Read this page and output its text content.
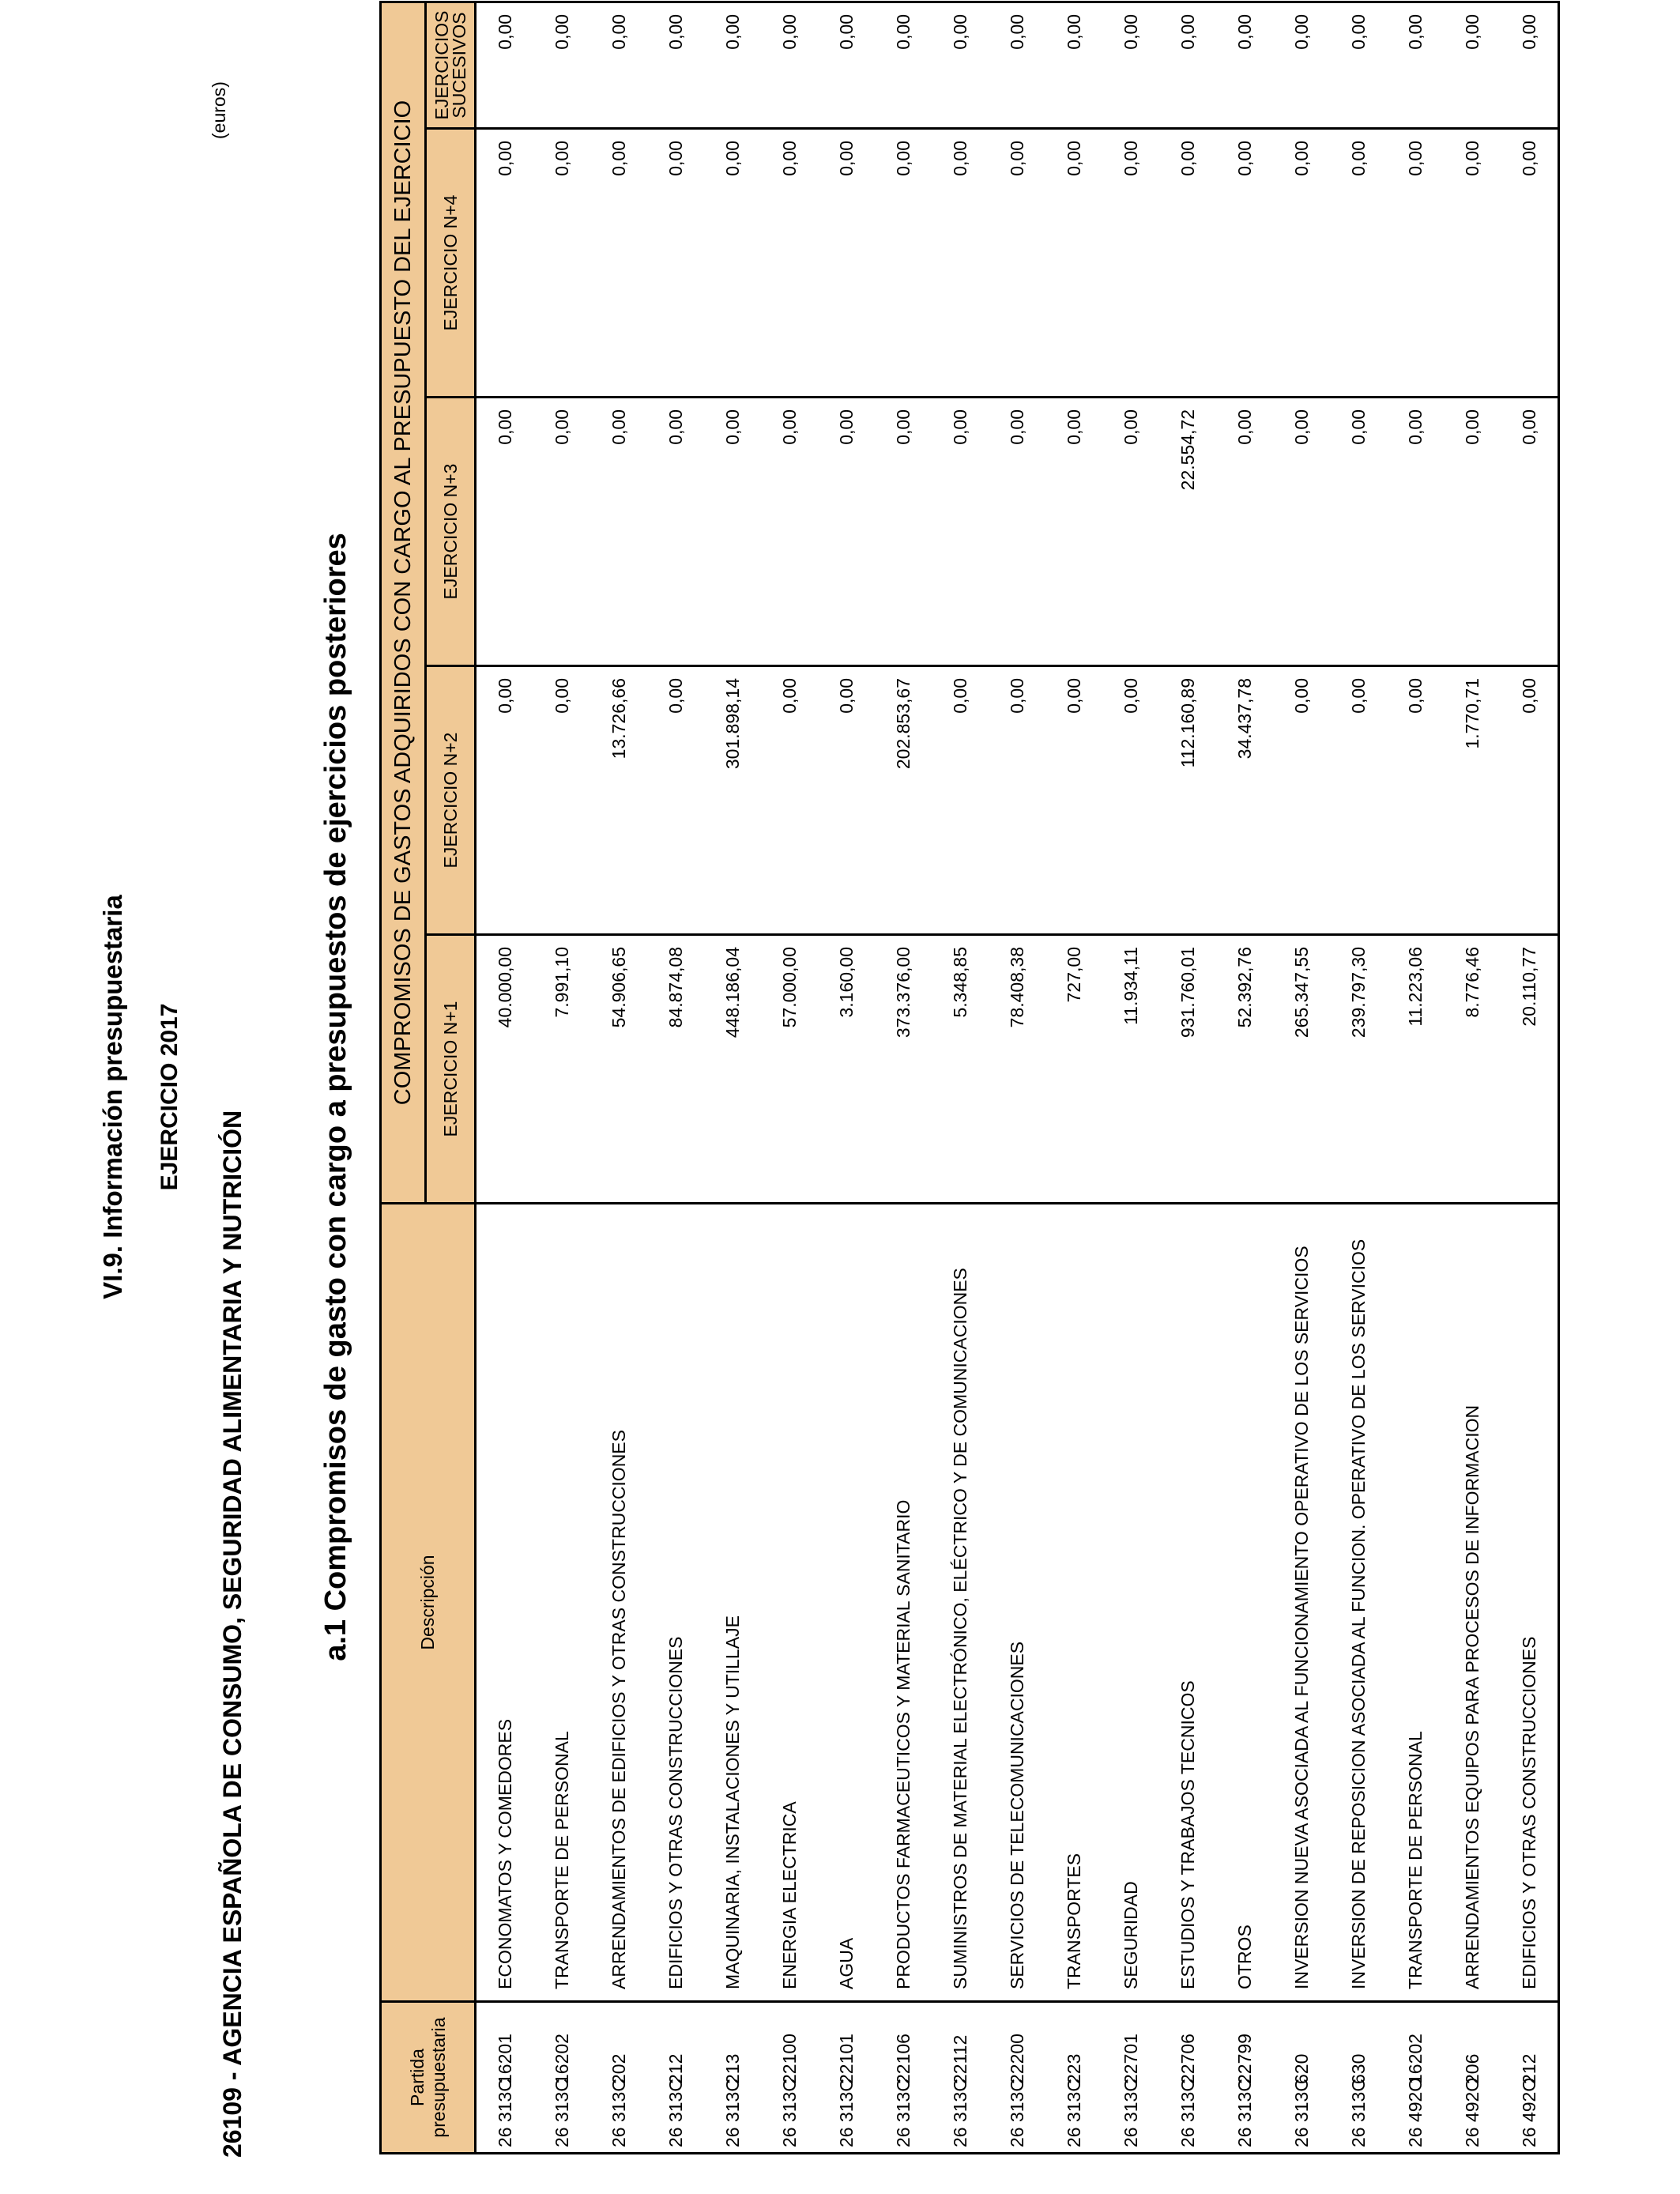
VI.9. Información presupuestaria EJERCICIO 2017
26109 - AGENCIA ESPAÑOLA DE CONSUMO, SEGURIDAD ALIMENTARIA Y NUTRICIÓN a.1 Compromisos de gasto con cargo a presupuestos de ejercicios posteriores
(euros)
Partida presupuestaria	Descripción	COMPROMISOS DE GASTOS ADQUIRIDOS CON CARGO AL PRESUPUESTO DEL EJERCICIO				
		EJERCICIO N+1	EJERCICIO N+2	EJERCICIO N+3	EJERCICIO N+4	EJERCICIOS SUCESIVOS
26 313C16201	ECONOMATOS Y COMEDORES	40.000,00	0,00	0,00	0,00	0,00
26 313C16202	TRANSPORTE DE PERSONAL	7.991,10	0,00	0,00	0,00	0,00
26 313C202	ARRENDAMIENTOS DE EDIFICIOS Y OTRAS CONSTRUCCIONES	54.906,65	13.726,66	0,00	0,00	0,00
26 313C212	EDIFICIOS Y OTRAS CONSTRUCCIONES	84.874,08	0,00	0,00	0,00	0,00
26 313C213	MAQUINARIA, INSTALACIONES Y UTILLAJE	448.186,04	301.898,14	0,00	0,00	0,00
26 313C22100	ENERGIA ELECTRICA	57.000,00	0,00	0,00	0,00	0,00
26 313C22101	AGUA	3.160,00	0,00	0,00	0,00	0,00
26 313C22106	PRODUCTOS FARMACEUTICOS Y MATERIAL SANITARIO	373.376,00	202.853,67	0,00	0,00	0,00
26 313C22112	SUMINISTROS DE MATERIAL ELECTRÓNICO, ELÉCTRICO Y DE COMUNICACIONES	5.348,85	0,00	0,00	0,00	0,00
26 313C22200	SERVICIOS DE TELECOMUNICACIONES	78.408,38	0,00	0,00	0,00	0,00
26 313C223	TRANSPORTES	727,00	0,00	0,00	0,00	0,00
26 313C22701	SEGURIDAD	11.934,11	0,00	0,00	0,00	0,00
26 313C22706	ESTUDIOS Y TRABAJOS TECNICOS	931.760,01	112.160,89	22.554,72	0,00	0,00
26 313C22799	OTROS	52.392,76	34.437,78	0,00	0,00	0,00
26 313C620	INVERSION NUEVA ASOCIADA AL FUNCIONAMIENTO OPERATIVO DE LOS SERVICIOS	265.347,55	0,00	0,00	0,00	0,00
26 313C630	INVERSION DE REPOSICION ASOCIADA AL FUNCION. OPERATIVO DE LOS SERVICIOS	239.797,30	0,00	0,00	0,00	0,00
26 492O16202	TRANSPORTE DE PERSONAL	11.223,06	0,00	0,00	0,00	0,00
26 492O206	ARRENDAMIENTOS EQUIPOS PARA PROCESOS DE INFORMACION	8.776,46	1.770,71	0,00	0,00	0,00
26 492O212	EDIFICIOS Y OTRAS CONSTRUCCIONES	20.110,77	0,00	0,00	0,00	0,00
